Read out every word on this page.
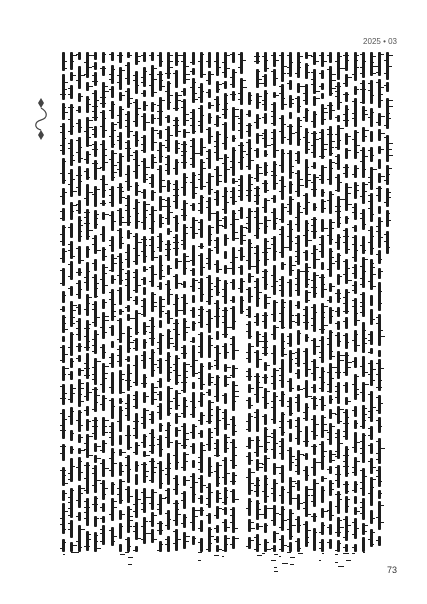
2025 • 03
73
